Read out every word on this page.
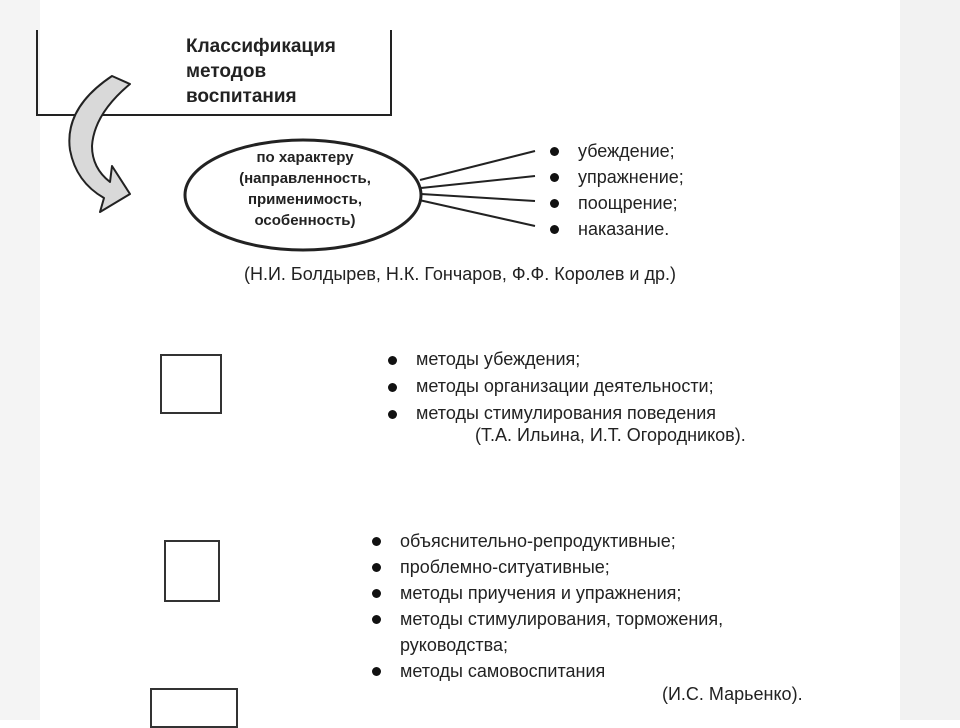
Классификация
методов
воспитания
по характеру
(направленность,
применимость,
особенность)
убеждение;
упражнение;
поощрение;
наказание.
(Н.И. Болдырев, Н.К. Гончаров, Ф.Ф. Королев и др.)
методы убеждения;
методы организации деятельности;
методы стимулирования поведения
(Т.А. Ильина, И.Т. Огородников).
объяснительно-репродуктивные;
проблемно-ситуативные;
методы приучения и упражнения;
методы стимулирования, торможения,
руководства;
методы самовоспитания
(И.С. Марьенко).
